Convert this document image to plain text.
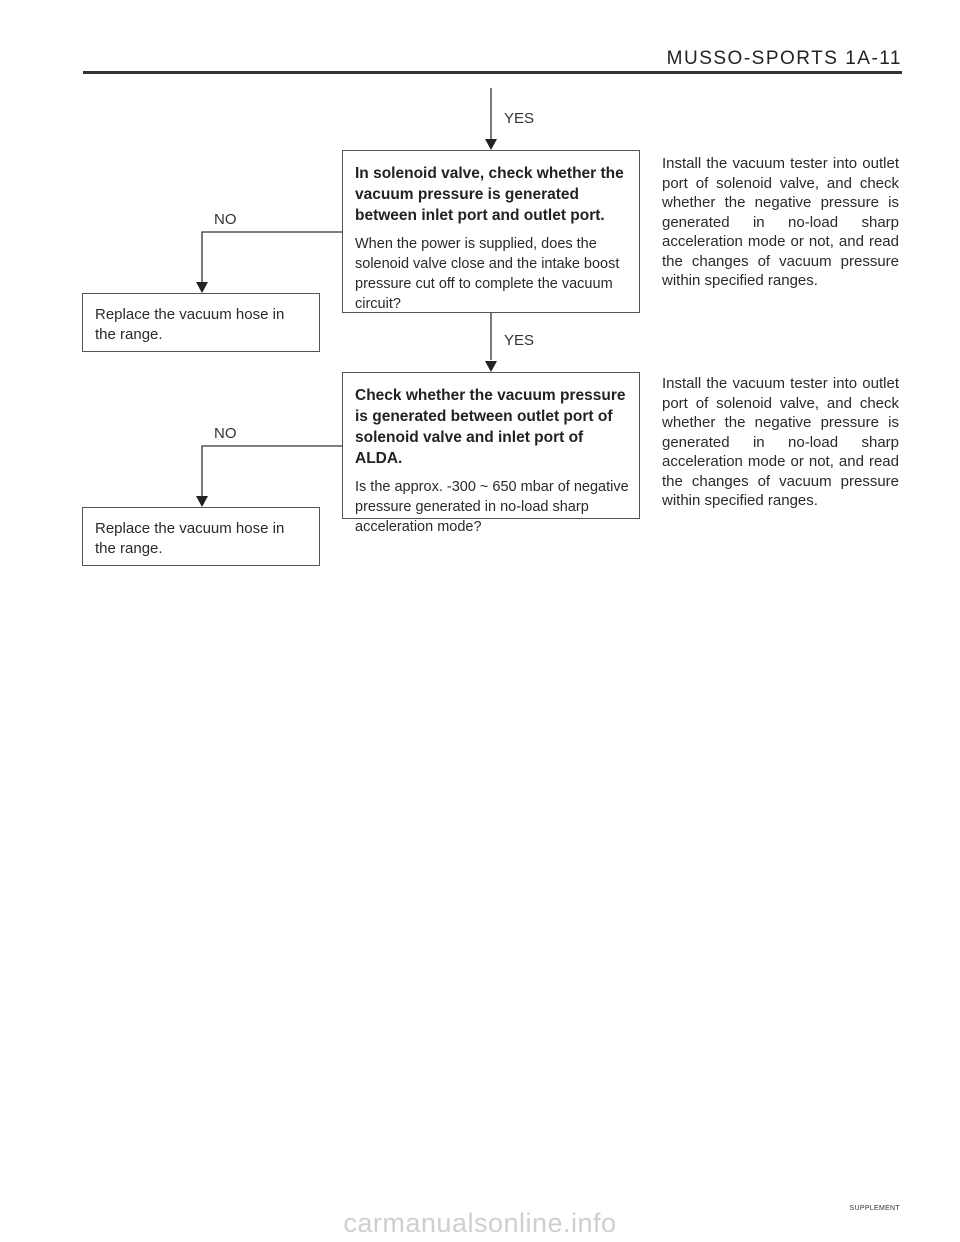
MUSSO-SPORTS 1A-11
YES
NO
In solenoid valve, check whether the vacuum pressure is generated between inlet port and outlet port.
When the power is supplied, does the solenoid valve close and the intake boost pressure cut off to complete the vacuum circuit?
Replace the vacuum hose in the range.
Install the vacuum tester into outlet port of solenoid valve, and check whether the negative pressure is generated in no-load sharp acceleration mode or not, and read the changes of vacuum pressure within specified ranges.
YES
NO
Check whether the vacuum pressure is generated between outlet port of solenoid valve and inlet port of ALDA.
Is the approx. -300 ~ 650 mbar of negative pressure generated in no-load sharp acceleration mode?
Replace the vacuum hose in the range.
Install the vacuum tester into outlet port of solenoid valve, and check whether the negative pressure is generated in no-load sharp acceleration mode or not, and read the changes of vacuum pressure within specified ranges.
SUPPLEMENT
carmanualsonline.info
